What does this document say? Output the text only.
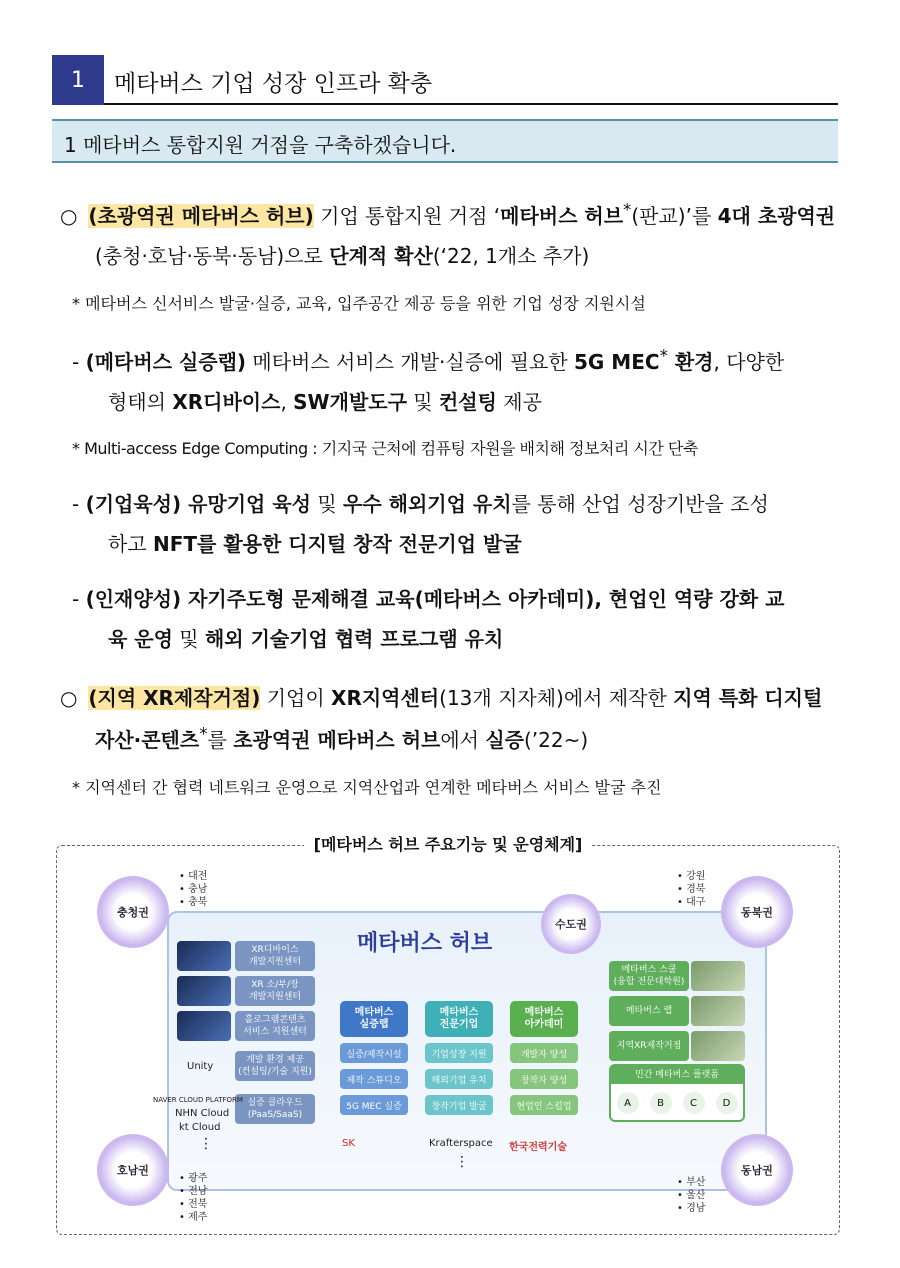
1	메타버스 기업 성장 인프라 확충
1 메타버스 통합지원 거점을 구축하겠습니다.
○ (초광역권 메타버스 허브) 기업 통합지원 거점 ‘메타버스 허브*(판교)’를 4대 초광역권
(충청·호남·동북·동남)으로 단계적 확산(‘22, 1개소 추가)
* 메타버스 신서비스 발굴·실증, 교육, 입주공간 제공 등을 위한 기업 성장 지원시설
- (메타버스 실증랩) 메타버스 서비스 개발·실증에 필요한 5G MEC* 환경, 다양한
형태의 XR디바이스, SW개발도구 및 컨설팅 제공
* Multi-access Edge Computing : 기지국 근처에 컴퓨팅 자원을 배치해 정보처리 시간 단축
- (기업육성) 유망기업 육성 및 우수 해외기업 유치를 통해 산업 성장기반을 조성
하고 NFT를 활용한 디지털 창작 전문기업 발굴
- (인재양성) 자기주도형 문제해결 교육(메타버스 아카데미), 현업인 역량 강화 교
육 운영 및 해외 기술기업 협력 프로그램 유치
○ (지역 XR제작거점) 기업이 XR지역센터(13개 지자체)에서 제작한 지역 특화 디지털
자산·콘텐츠*를 초광역권 메타버스 허브에서 실증(’22~)
* 지역센터 간 협력 네트워크 운영으로 지역산업과 연계한 메타버스 서비스 발굴 추진
[메타버스 허브 주요기능 및 운영체계]
메타버스 허브
충청권
• 대전
• 충남
• 충북
수도권
동북권
• 강원
• 경북
• 대구
호남권
• 광주
• 전남
• 전북
• 제주
동남권
• 부산
• 울산
• 경남
XR디바이스
개발지원센터
XR 소/부/장
개발지원센터
홀로그램콘텐츠
서비스 지원센터
개발 환경 제공
(컨설팅/기술 지원)
실증 클라우드
(PaaS/SaaS)
Unity
NAVER CLOUD PLATFORM
NHN Cloud
kt Cloud
⋮
메타버스
실증랩
실증/제작시설
제작 스튜디오
5G MEC 실증
메타버스
전문기업
기업성장 지원
해외기업 유치
창작기업 발굴
메타버스
아카데미
개발자 양성
창작자 양성
현업인 스킬업
메타버스 스쿨
(융합 전문대학원)
메타버스 랩
지역XR제작거점
민간 메타버스 플랫폼
A	B	C	D
SK	Krafterspace 한국전력기술
⋮
